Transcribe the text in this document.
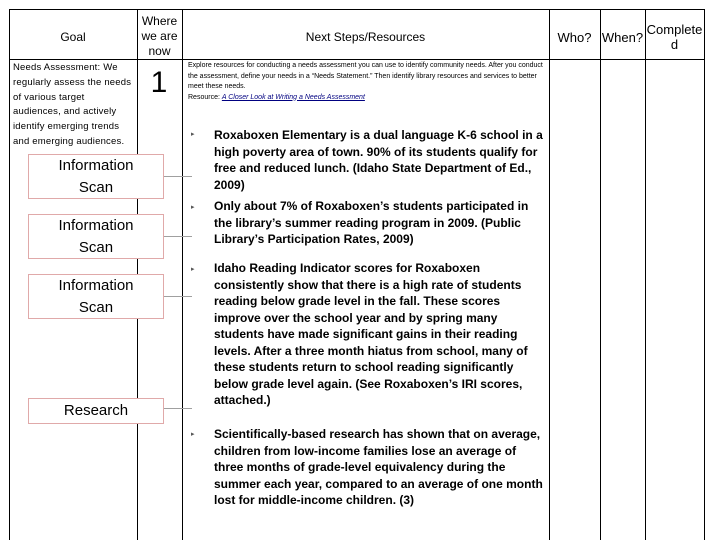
Goal
Where
we are
now
Next Steps/Resources	Who? When?
Complete
d
Needs Assessment: We regularly assess the needs of various target audiences, and actively identify emerging trends and emerging audiences.
1
Explore resources for conducting a needs assessment you can use to identify community needs. After you conduct the assessment, define your needs in a “Needs Statement.” Then identify library resources and services to better meet these needs.
Resource: A Closer Look at Writing a Needs Assessment
Information
Scan
Information
Scan
Information
Scan
Research
▸
▸
▸
▸
Roxaboxen Elementary is a dual language K-6 school in a high poverty area of town. 90% of its students qualify for free and reduced lunch. (Idaho State Department of Ed., 2009)
Only about 7% of Roxaboxen’s students participated in the library’s summer reading program in 2009. (Public Library’s Participation Rates, 2009)
Idaho Reading Indicator scores for Roxaboxen consistently show that there is a high rate of students reading below grade level in the fall. These scores improve over the school year and by spring many students have made significant gains in their reading levels. After a three month hiatus from school, many of these students return to school reading significantly below grade level again. (See Roxaboxen’s IRI scores, attached.)
Scientifically-based research has shown that on average, children from low-income families lose an average of three months of grade-level equivalency during the summer each year, compared to an average of one month lost for middle-income children. (3)
